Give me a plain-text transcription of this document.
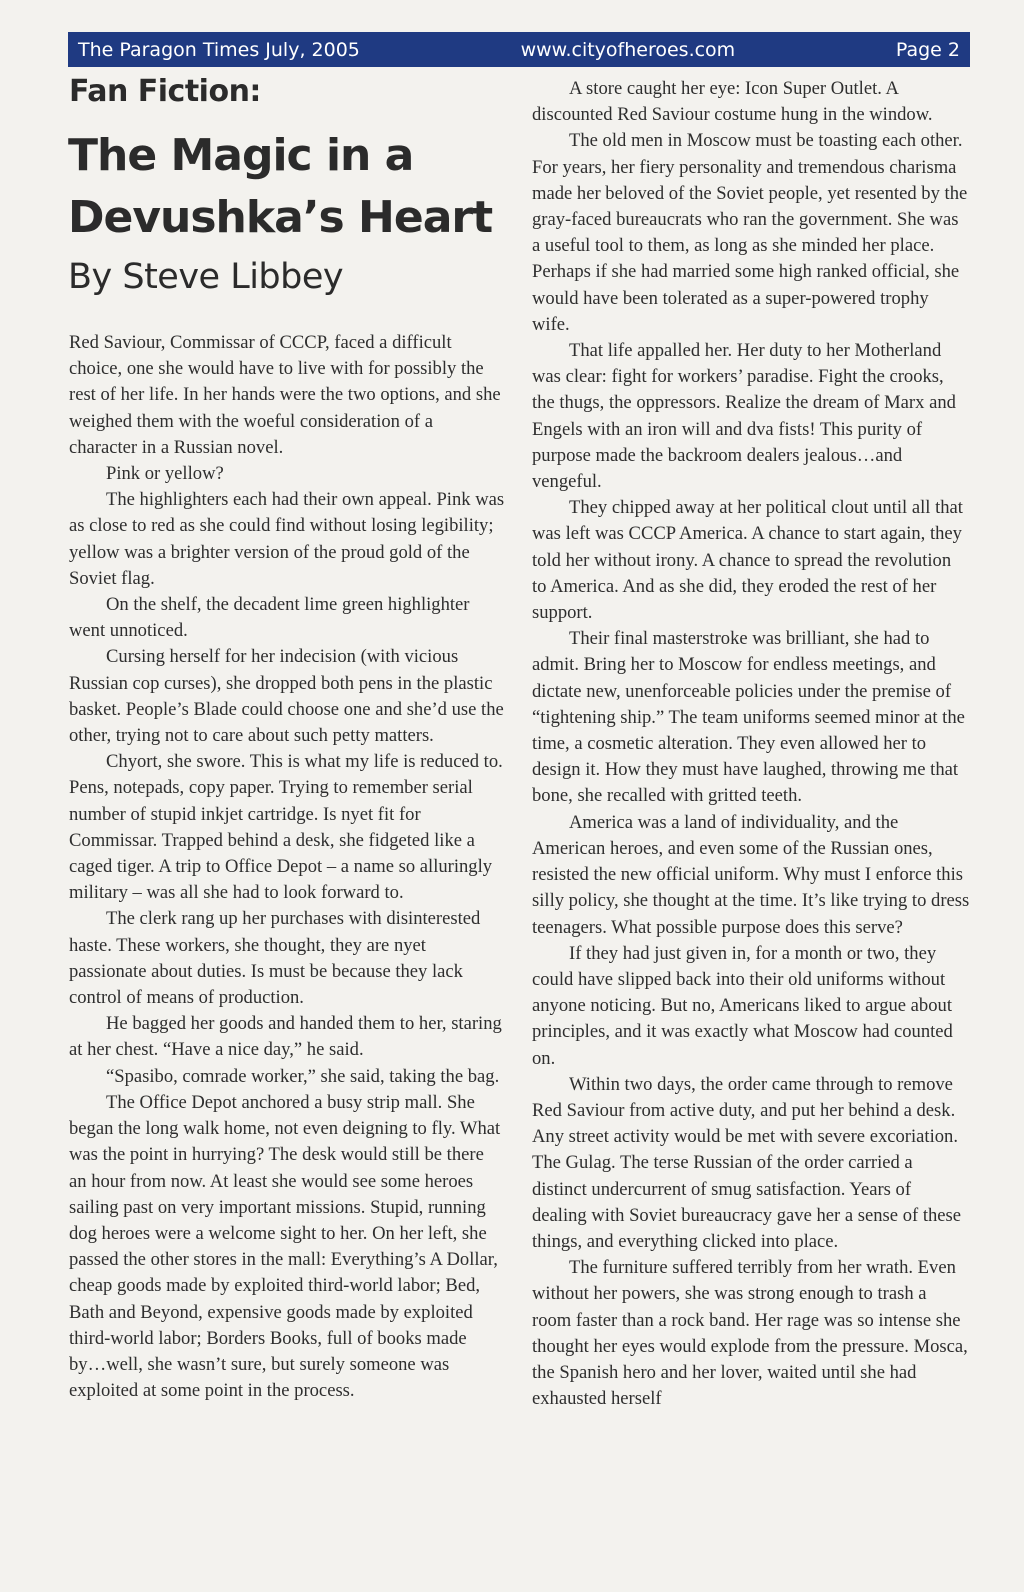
The Paragon Times July, 2005	www.cityofheroes.com	Page 2
Fan Fiction:
The Magic in a Devushka’s Heart
By Steve Libbey

Red Saviour, Commissar of CCCP, faced a difficult choice, one she would have to live with for possibly the rest of her life. In her hands were the two options, and she weighed them with the woeful consideration of a character in a Russian novel.

Pink or yellow?

The highlighters each had their own appeal. Pink was as close to red as she could find without losing legibility; yellow was a brighter version of the proud gold of the Soviet flag.

On the shelf, the decadent lime green highlighter went unnoticed.

Cursing herself for her indecision (with vicious Russian cop curses), she dropped both pens in the plastic basket. People’s Blade could choose one and she’d use the other, trying not to care about such petty matters.

Chyort, she swore. This is what my life is reduced to. Pens, notepads, copy paper. Trying to remember serial number of stupid inkjet cartridge. Is nyet fit for Commissar. Trapped behind a desk, she fidgeted like a caged tiger. A trip to Office Depot – a name so alluringly military – was all she had to look forward to.

The clerk rang up her purchases with disinterested haste. These workers, she thought, they are nyet passionate about duties. Is must be because they lack control of means of production.

He bagged her goods and handed them to her, staring at her chest. “Have a nice day,” he said.

“Spasibo, comrade worker,” she said, taking the bag.

The Office Depot anchored a busy strip mall. She began the long walk home, not even deigning to fly. What was the point in hurrying? The desk would still be there an hour from now. At least she would see some heroes sailing past on very important missions. Stupid, running dog heroes were a welcome sight to her. On her left, she passed the other stores in the mall: Everything’s A Dollar, cheap goods made by exploited third-world labor; Bed, Bath and Beyond, expensive goods made by exploited third-world labor; Borders Books, full of books made by…well, she wasn’t sure, but surely someone was exploited at some point in the process.

A store caught her eye: Icon Super Outlet. A discounted Red Saviour costume hung in the window.

The old men in Moscow must be toasting each other. For years, her fiery personality and tremendous charisma made her beloved of the Soviet people, yet resented by the gray-faced bureaucrats who ran the government. She was a useful tool to them, as long as she minded her place. Perhaps if she had married some high ranked official, she would have been tolerated as a super-powered trophy wife.

That life appalled her. Her duty to her Motherland was clear: fight for workers’ paradise. Fight the crooks, the thugs, the oppressors. Realize the dream of Marx and Engels with an iron will and dva fists! This purity of purpose made the backroom dealers jealous…and vengeful.

They chipped away at her political clout until all that was left was CCCP America. A chance to start again, they told her without irony. A chance to spread the revolution to America. And as she did, they eroded the rest of her support.

Their final masterstroke was brilliant, she had to admit. Bring her to Moscow for endless meetings, and dictate new, unenforceable policies under the premise of “tightening ship.” The team uniforms seemed minor at the time, a cosmetic alteration. They even allowed her to design it. How they must have laughed, throwing me that bone, she recalled with gritted teeth.

America was a land of individuality, and the American heroes, and even some of the Russian ones, resisted the new official uniform. Why must I enforce this silly policy, she thought at the time. It’s like trying to dress teenagers. What possible purpose does this serve?

If they had just given in, for a month or two, they could have slipped back into their old uniforms without anyone noticing. But no, Americans liked to argue about principles, and it was exactly what Moscow had counted on.

Within two days, the order came through to remove Red Saviour from active duty, and put her behind a desk. Any street activity would be met with severe excoriation. The Gulag. The terse Russian of the order carried a distinct undercurrent of smug satisfaction. Years of dealing with Soviet bureaucracy gave her a sense of these things, and everything clicked into place.

The furniture suffered terribly from her wrath. Even without her powers, she was strong enough to trash a room faster than a rock band. Her rage was so intense she thought her eyes would explode from the pressure. Mosca, the Spanish hero and her lover, waited until she had exhausted herself
